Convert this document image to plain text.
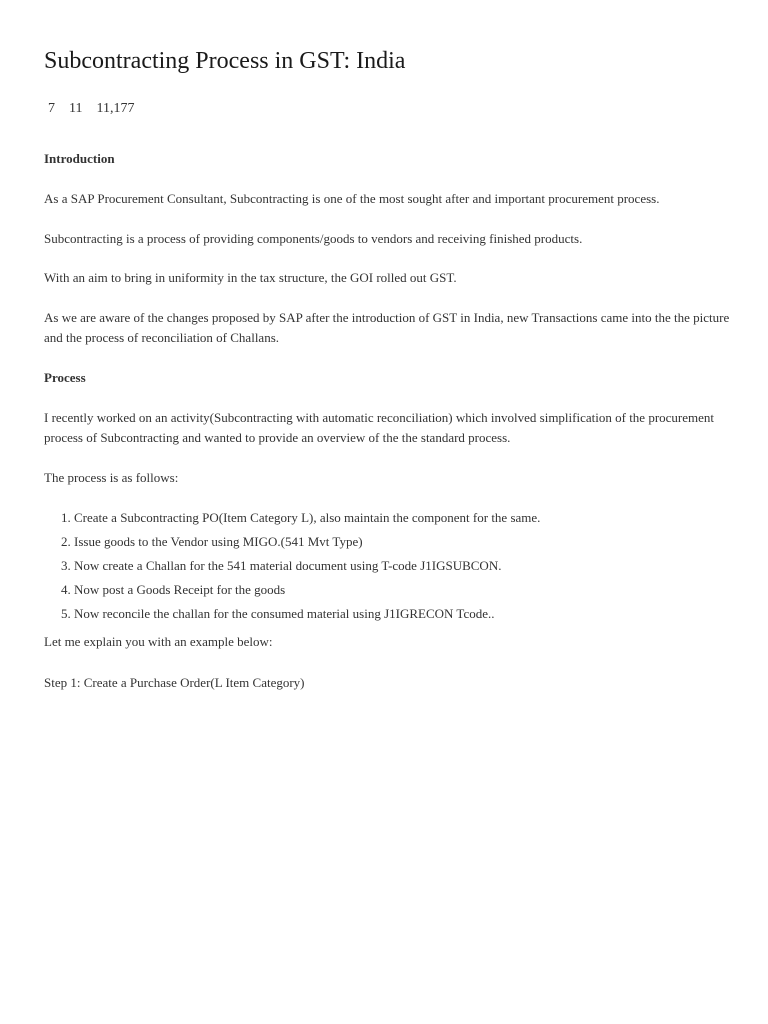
Subcontracting Process in GST: India
7 11 11,177

Introduction

As a SAP Procurement Consultant, Subcontracting is one of the most sought after and important procurement process.

Subcontracting is a process of providing components/goods to vendors and receiving finished products.

With an aim to bring in uniformity in the tax structure, the GOI rolled out GST.

As we are aware of the changes proposed by SAP after the introduction of GST in India, new Transactions came into the the picture and the process of reconciliation of Challans.

Process

I recently worked on an activity(Subcontracting with automatic reconciliation) which involved simplification of the procurement process of Subcontracting and wanted to provide an overview of the the standard process.

The process is as follows:

1. Create a Subcontracting PO(Item Category L), also maintain the component for the same.
2. Issue goods to the Vendor using MIGO.(541 Mvt Type)
3. Now create a Challan for the 541 material document using T-code J1IGSUBCON.
4. Now post a Goods Receipt for the goods
5. Now reconcile the challan for the consumed material using J1IGRECON Tcode..

Let me explain you with an example below:

Step 1: Create a Purchase Order(L Item Category)
